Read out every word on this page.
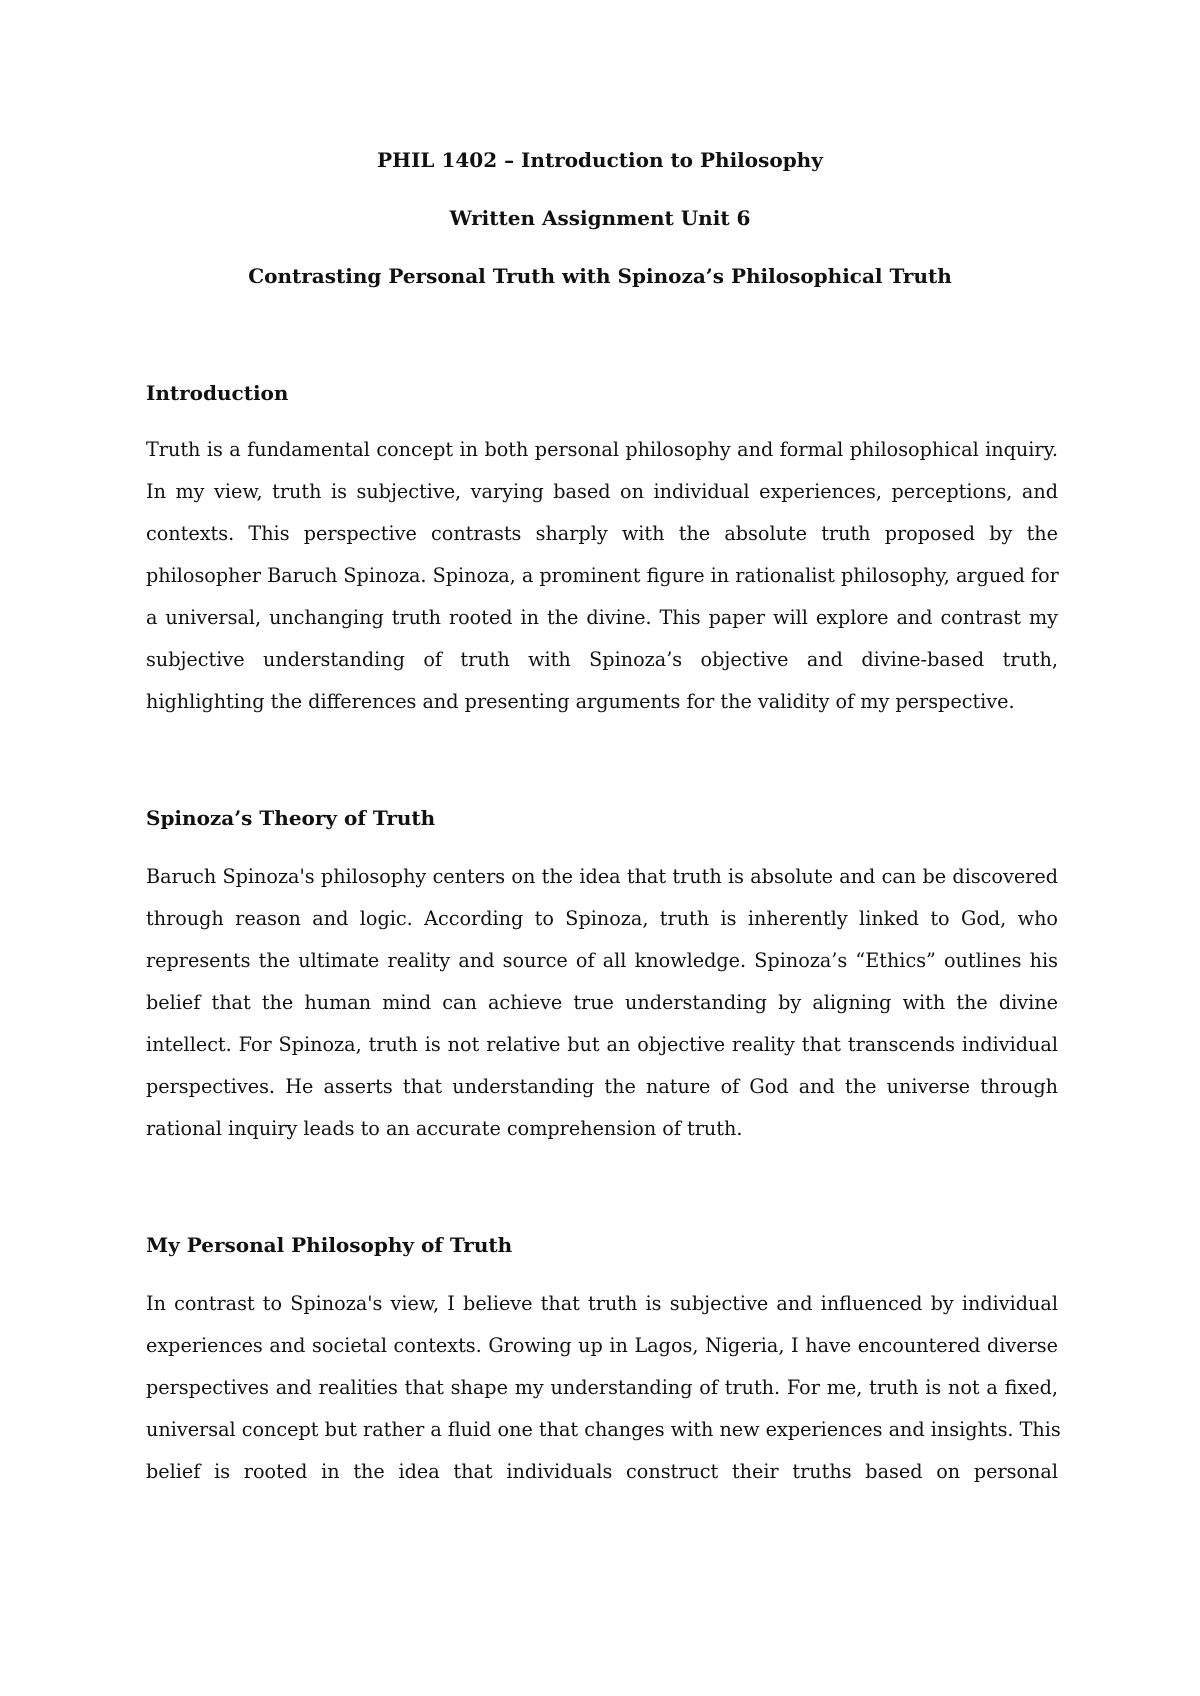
PHIL 1402 – Introduction to Philosophy
Written Assignment Unit 6
Contrasting Personal Truth with Spinoza’s Philosophical Truth
Introduction
Truth is a fundamental concept in both personal philosophy and formal philosophical inquiry.
In my view, truth is subjective, varying based on individual experiences, perceptions, and
contexts. This perspective contrasts sharply with the absolute truth proposed by the
philosopher Baruch Spinoza. Spinoza, a prominent figure in rationalist philosophy, argued for
a universal, unchanging truth rooted in the divine. This paper will explore and contrast my
subjective understanding of truth with Spinoza’s objective and divine-based truth,
highlighting the differences and presenting arguments for the validity of my perspective.
Spinoza’s Theory of Truth
Baruch Spinoza's philosophy centers on the idea that truth is absolute and can be discovered
through reason and logic. According to Spinoza, truth is inherently linked to God, who
represents the ultimate reality and source of all knowledge. Spinoza’s “Ethics” outlines his
belief that the human mind can achieve true understanding by aligning with the divine
intellect. For Spinoza, truth is not relative but an objective reality that transcends individual
perspectives. He asserts that understanding the nature of God and the universe through
rational inquiry leads to an accurate comprehension of truth.
My Personal Philosophy of Truth
In contrast to Spinoza's view, I believe that truth is subjective and influenced by individual
experiences and societal contexts. Growing up in Lagos, Nigeria, I have encountered diverse
perspectives and realities that shape my understanding of truth. For me, truth is not a fixed,
universal concept but rather a fluid one that changes with new experiences and insights. This
belief is rooted in the idea that individuals construct their truths based on personal
